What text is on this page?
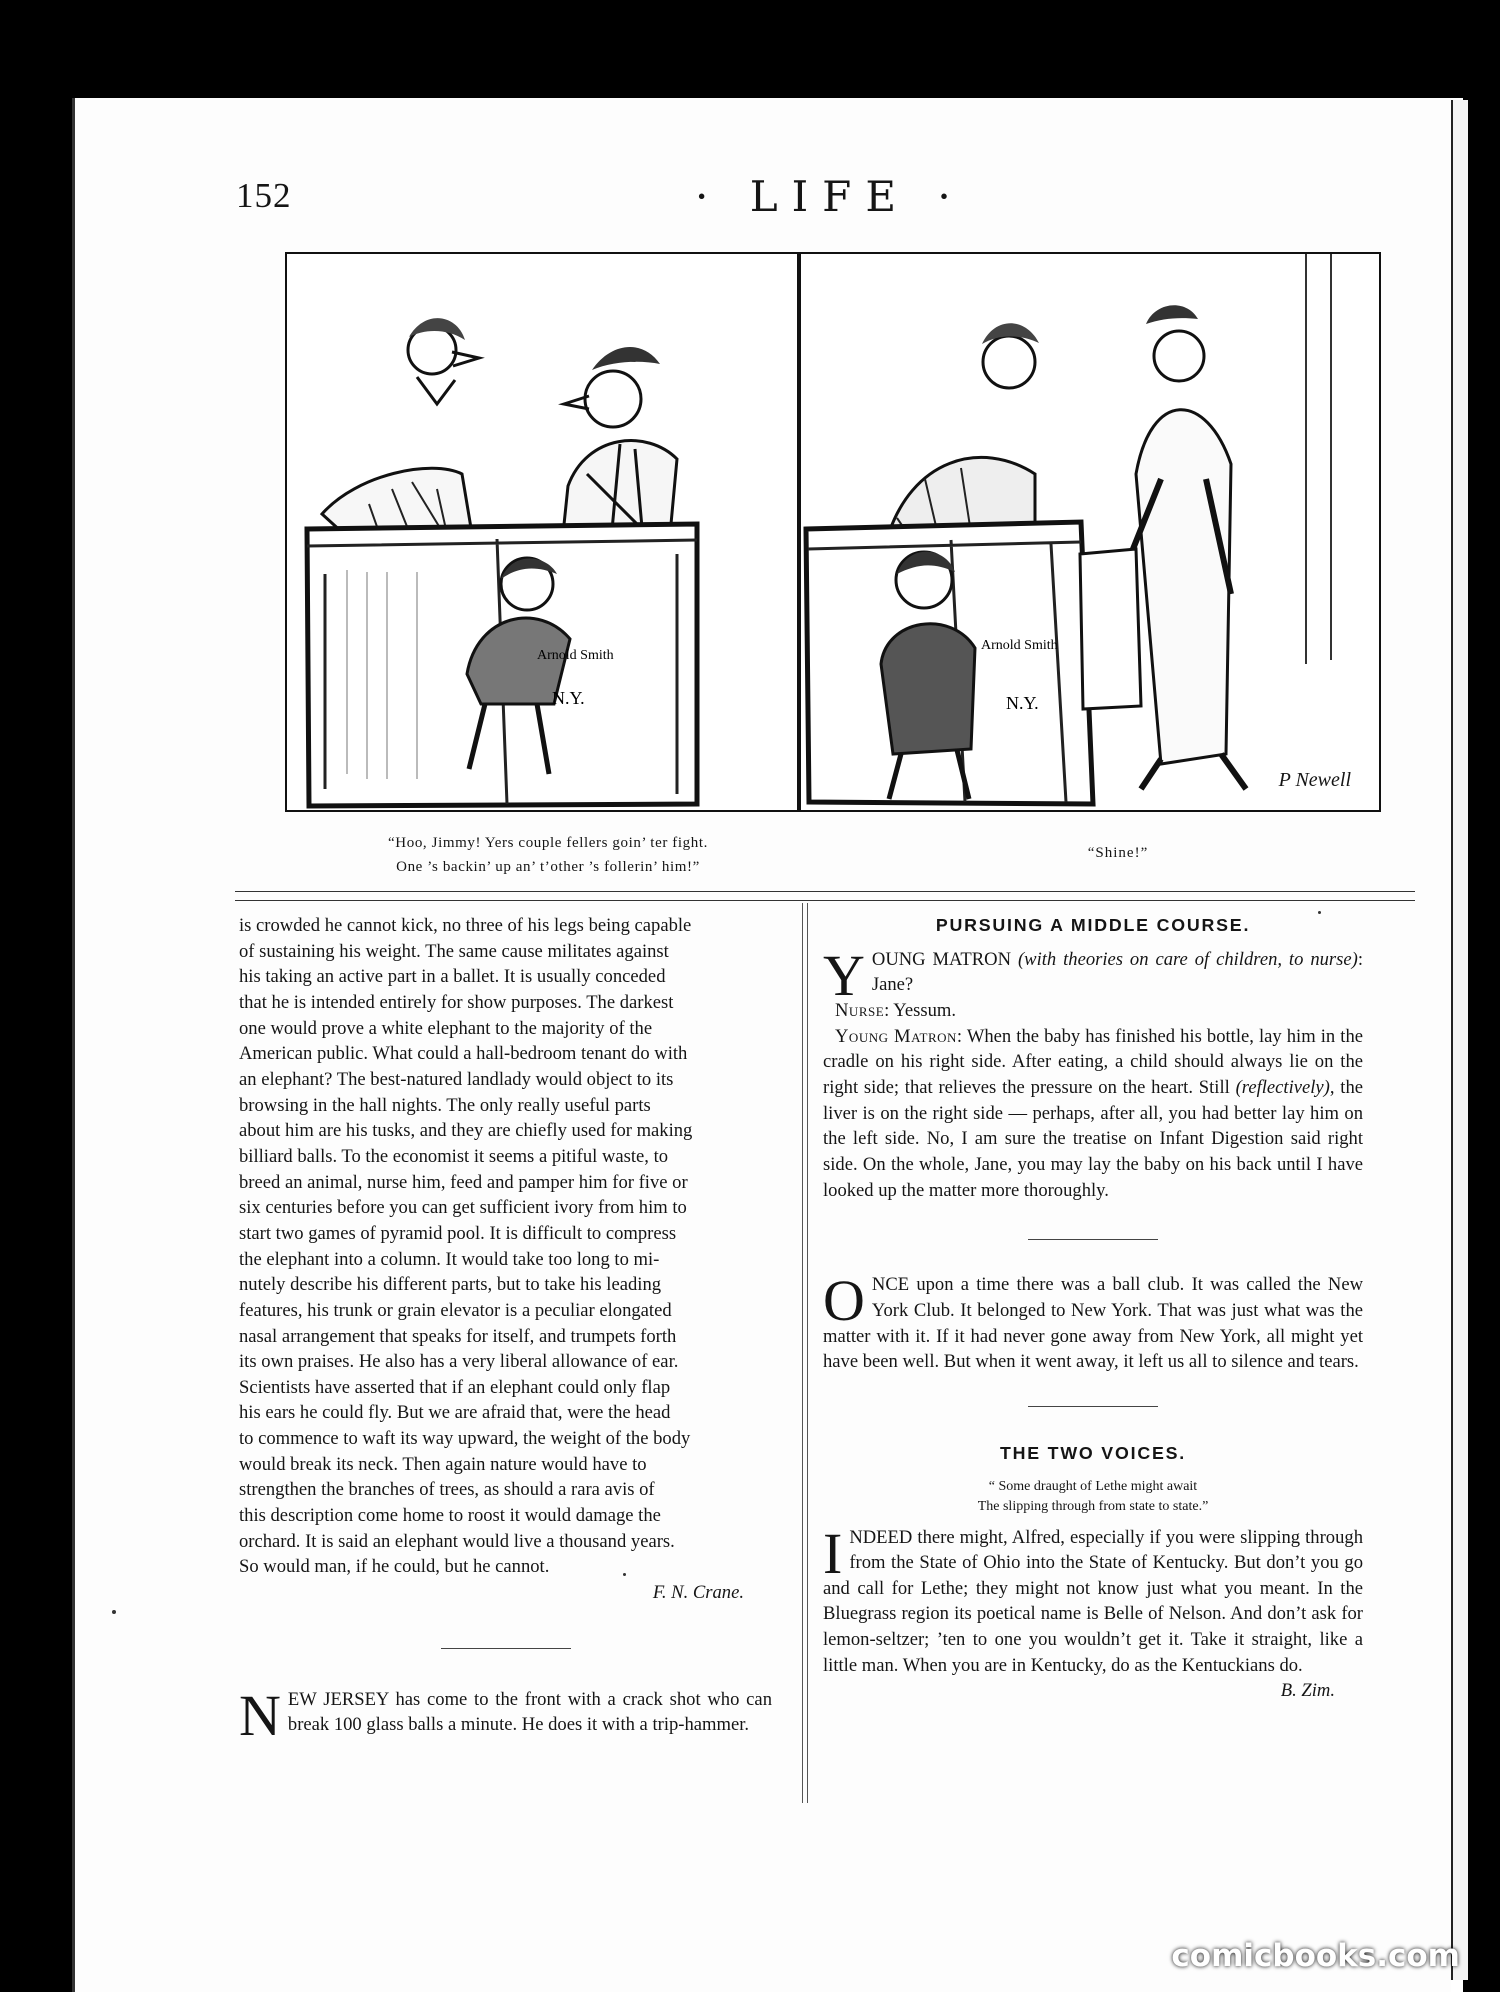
152	· LIFE ·
Arnold Smith
N.Y.
Arnold Smith
N.Y.
P Newell
“Hoo, Jimmy! Yers couple fellers goin’ ter fight.
One ’s backin’ up an’ t’other ’s follerin’ him!”
“Shine!”

is crowded he cannot kick, no three of his legs being capable

of sustaining his weight. The same cause militates against

his taking an active part in a ballet. It is usually conceded

that he is intended entirely for show purposes. The darkest

one would prove a white elephant to the majority of the

American public. What could a hall-bedroom tenant do with

an elephant? The best-natured landlady would object to its

browsing in the hall nights. The only really useful parts

about him are his tusks, and they are chiefly used for making

billiard balls. To the economist it seems a pitiful waste, to

breed an animal, nurse him, feed and pamper him for five or

six centuries before you can get sufficient ivory from him to

start two games of pyramid pool. It is difficult to compress

the elephant into a column. It would take too long to mi-

nutely describe his different parts, but to take his leading

features, his trunk or grain elevator is a peculiar elongated

nasal arrangement that speaks for itself, and trumpets forth

its own praises. He also has a very liberal allowance of ear.

Scientists have asserted that if an elephant could only flap

his ears he could fly. But we are afraid that, were the head

to commence to waft its way upward, the weight of the body

would break its neck. Then again nature would have to

strengthen the branches of trees, as should a rara avis of

this description come home to roost it would damage the

orchard. It is said an elephant would live a thousand years.

So would man, if he could, but he cannot.

F. N. Crane.

N EW JERSEY has come to the front with a crack shot who can break 100 glass balls a minute. He does it with a trip-hammer.

PURSUING A MIDDLE COURSE.

Y OUNG MATRON (with theories on care of children, to nurse): Jane?

Nurse: Yessum.

Young Matron: When the baby has finished his bottle, lay him in the cradle on his right side. After eating, a child should always lie on the right side; that relieves the pressure on the heart. Still (reflectively), the liver is on the right side — perhaps, after all, you had better lay him on the left side. No, I am sure the treatise on Infant Digestion said right side. On the whole, Jane, you may lay the baby on his back until I have looked up the matter more thoroughly.

O NCE upon a time there was a ball club. It was called the New York Club. It belonged to New York. That was just what was the matter with it. If it had never gone away from New York, all might yet have been well. But when it went away, it left us all to silence and tears.

THE TWO VOICES.
“ Some draught of Lethe might await
The slipping through from state to state.”

I NDEED there might, Alfred, especially if you were slipping through from the State of Ohio into the State of Kentucky. But don’t you go and call for Lethe; they might not know just what you meant. In the Bluegrass region its poetical name is Belle of Nelson. And don’t ask for lemon-seltzer; ’ten to one you wouldn’t get it. Take it straight, like a little man. When you are in Kentucky, do as the Kentuckians do.
B. Zim.

comicbooks.com
